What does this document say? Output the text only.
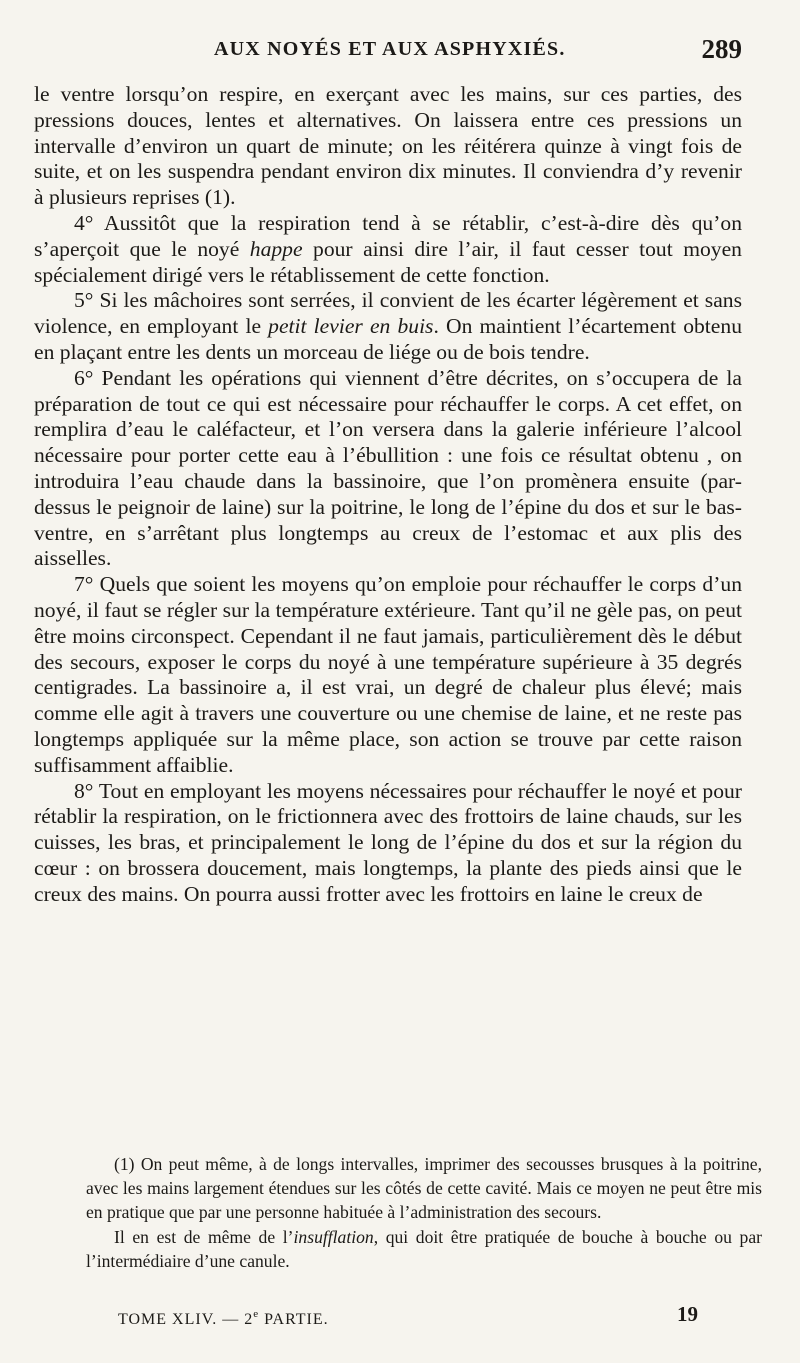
AUX NOYÉS ET AUX ASPHYXIÉS.	289

le ventre lorsqu’on respire, en exerçant avec les mains, sur ces parties, des pressions douces, lentes et alternatives. On laissera entre ces pressions un intervalle d’environ un quart de minute; on les réitérera quinze à vingt fois de suite, et on les suspendra pendant environ dix minutes. Il conviendra d’y revenir à plusieurs reprises (1).

4° Aussitôt que la respiration tend à se rétablir, c’est-à-dire dès qu’on s’aperçoit que le noyé happe pour ainsi dire l’air, il faut cesser tout moyen spécialement dirigé vers le rétablissement de cette fonction.

5° Si les mâchoires sont serrées, il convient de les écarter légèrement et sans violence, en employant le petit levier en buis. On maintient l’écartement obtenu en plaçant entre les dents un morceau de liége ou de bois tendre.

6° Pendant les opérations qui viennent d’être décrites, on s’occupera de la préparation de tout ce qui est nécessaire pour réchauffer le corps. A cet effet, on remplira d’eau le caléfacteur, et l’on versera dans la galerie inférieure l’alcool nécessaire pour porter cette eau à l’ébullition : une fois ce résultat obtenu , on introduira l’eau chaude dans la bassinoire, que l’on promènera ensuite (par-dessus le peignoir de laine) sur la poitrine, le long de l’épine du dos et sur le bas-ventre, en s’arrêtant plus longtemps au creux de l’estomac et aux plis des aisselles.

7° Quels que soient les moyens qu’on emploie pour réchauffer le corps d’un noyé, il faut se régler sur la température extérieure. Tant qu’il ne gèle pas, on peut être moins circonspect. Cependant il ne faut jamais, particulièrement dès le début des secours, exposer le corps du noyé à une température supérieure à 35 degrés centigrades. La bassinoire a, il est vrai, un degré de chaleur plus élevé; mais comme elle agit à travers une couverture ou une chemise de laine, et ne reste pas longtemps appliquée sur la même place, son action se trouve par cette raison suffisamment affaiblie.

8° Tout en employant les moyens nécessaires pour réchauffer le noyé et pour rétablir la respiration, on le frictionnera avec des frottoirs de laine chauds, sur les cuisses, les bras, et principalement le long de l’épine du dos et sur la région du cœur : on brossera doucement, mais longtemps, la plante des pieds ainsi que le creux des mains. On pourra aussi frotter avec les frottoirs en laine le creux de

(1) On peut même, à de longs intervalles, imprimer des secousses brusques à la poitrine, avec les mains largement étendues sur les côtés de cette cavité. Mais ce moyen ne peut être mis en pratique que par une personne habituée à l’administration des secours.

Il en est de même de l’insufflation, qui doit être pratiquée de bouche à bouche ou par l’intermédiaire d’une canule.

TOME XLIV. — 2e PARTIE.	19
